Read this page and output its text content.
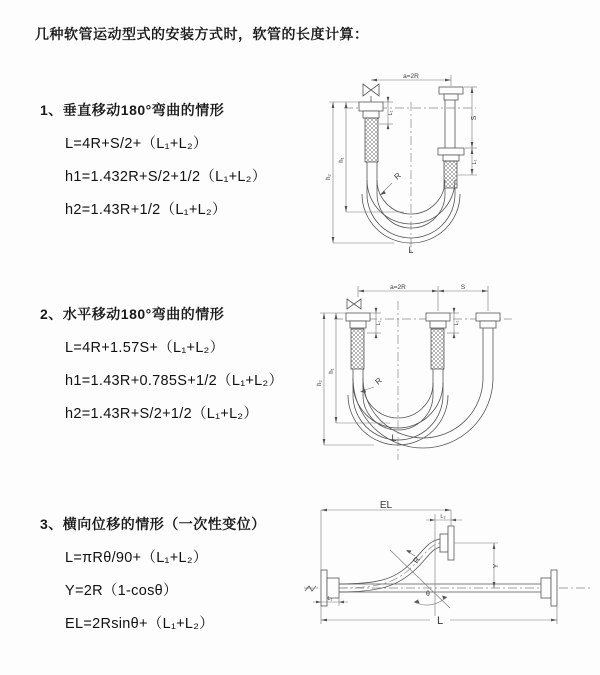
几种软管运动型式的安装方式时，软管的长度计算：
1、垂直移动180°弯曲的情形
L=4R+S/2+（L₁+L₂）
h1=1.432R+S/2+1/2（L₁+L₂）
h2=1.43R+1/2（L₁+L₂）
2、水平移动180°弯曲的情形
L=4R+1.57S+（L₁+L₂）
h1=1.43R+0.785S+1/2（L₁+L₂）
h2=1.43R+S/2+1/2（L₁+L₂）
3、横向位移的情形（一次性变位）
L=πRθ/90+（L₁+L₂）
Y=2R（1-cosθ）
EL=2Rsinθ+（L₁+L₂）
a=2R
S
L₁
L₁
h₁
h₂	R
L
a=2R	S
L₁	L₁
h₁
h₂	R
L
EL
L₂
Y
L
L₁
θ
R
